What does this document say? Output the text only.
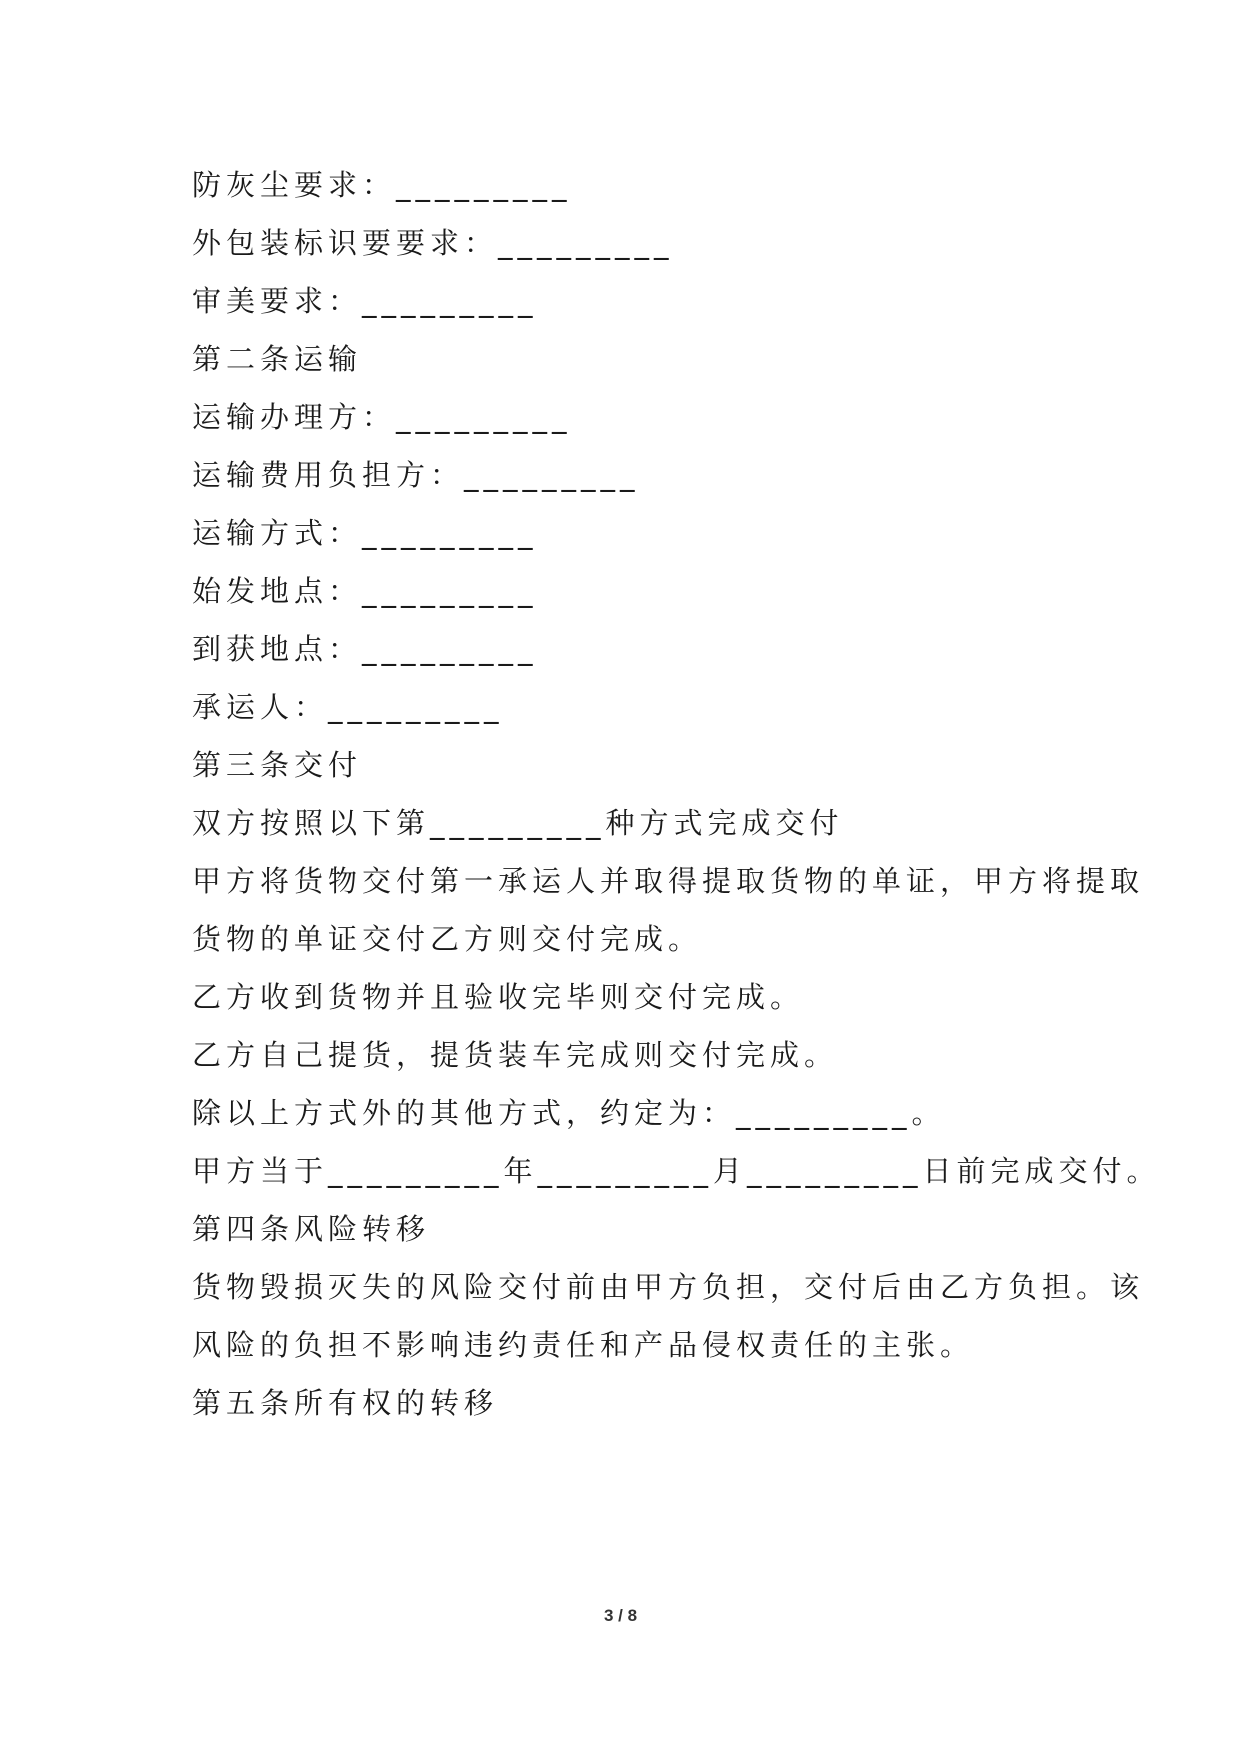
防灰尘要求：_________
外包装标识要要求：_________
审美要求：_________
第二条运输
运输办理方：_________
运输费用负担方：_________
运输方式：_________
始发地点：_________
到获地点：_________
承运人：_________
第三条交付
双方按照以下第_________种方式完成交付
甲方将货物交付第一承运人并取得提取货物的单证，甲方将提取
货物的单证交付乙方则交付完成。
乙方收到货物并且验收完毕则交付完成。
乙方自己提货，提货装车完成则交付完成。
除以上方式外的其他方式，约定为：_________。
甲方当于_________年_________月_________日前完成交付。
第四条风险转移
货物毁损灭失的风险交付前由甲方负担，交付后由乙方负担。该
风险的负担不影响违约责任和产品侵权责任的主张。
第五条所有权的转移
3 / 8
